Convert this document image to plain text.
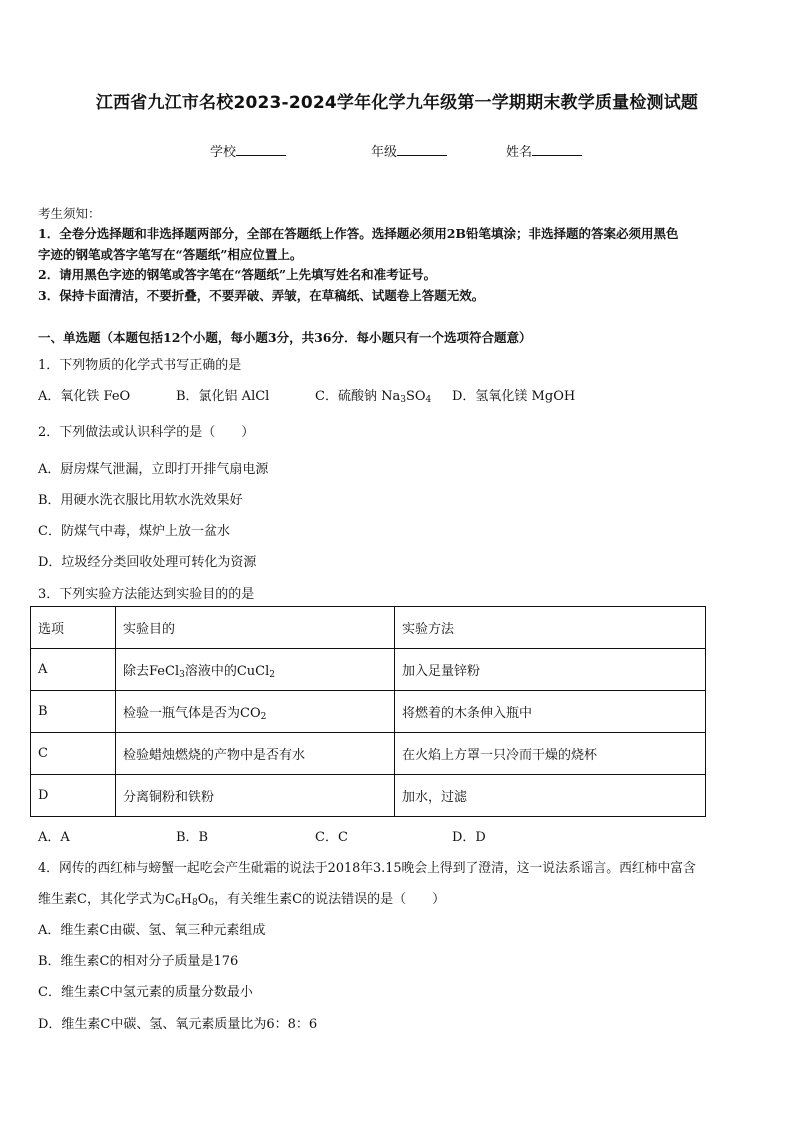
江西省九江市名校2023-2024学年化学九年级第一学期期末教学质量检测试题
学校	年级	姓名
考生须知：
1．全卷分选择题和非选择题两部分，全部在答题纸上作答。选择题必须用2B铅笔填涂；非选择题的答案必须用黑色
字迹的钢笔或答字笔写在“答题纸”相应位置上。
2．请用黑色字迹的钢笔或答字笔在“答题纸”上先填写姓名和准考证号。
3．保持卡面清洁，不要折叠，不要弄破、弄皱，在草稿纸、试题卷上答题无效。
一、单选题（本题包括12个小题，每小题3分，共36分．每小题只有一个选项符合题意）
1．下列物质的化学式书写正确的是
A．氧化铁 FeO	B．氯化铝 AlCl	C．硫酸钠 $Na_3SO_4$ D．氢氧化镁 MgOH
2．下列做法或认识科学的是（　　）
A．厨房煤气泄漏，立即打开排气扇电源
B．用硬水洗衣服比用软水洗效果好
C．防煤气中毒，煤炉上放一盆水
D．垃圾经分类回收处理可转化为资源
3．下列实验方法能达到实验目的的是
选项	实验目的	实验方法
A	除去FeCl$_3$溶液中的CuCl$_2$	加入足量锌粉
B	检验一瓶气体是否为$CO_2$	将燃着的木条伸入瓶中
C	检验蜡烛燃烧的产物中是否有水	在火焰上方罩一只冷而干燥的烧杯
D	分离铜粉和铁粉	加水，过滤
A．A	B．B	C．C	D．D
4．网传的西红柿与螃蟹一起吃会产生砒霜的说法于2018年3.15晚会上得到了澄清，这一说法系谣言。西红柿中富含
维生素C，其化学式为$C_6H_8O_6$，有关维生素C的说法错误的是（　　）
A．维生素C由碳、氢、氧三种元素组成
B．维生素C的相对分子质量是176
C．维生素C中氢元素的质量分数最小
D．维生素C中碳、氢、氧元素质量比为6：8：6
